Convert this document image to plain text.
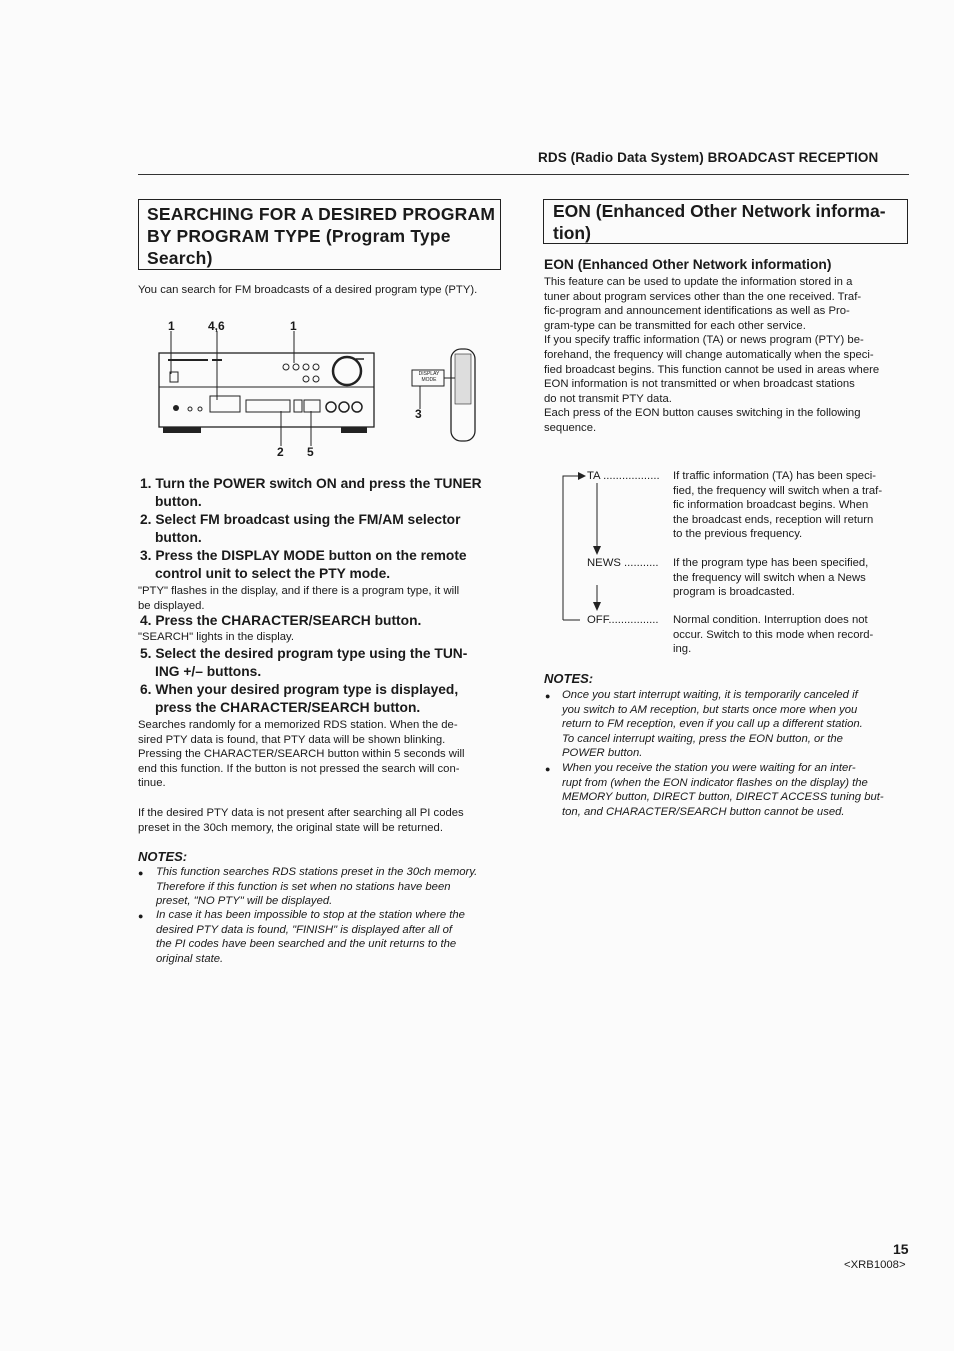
RDS (Radio Data System) BROADCAST RECEPTION
SEARCHING FOR A DESIRED PROGRAM
BY PROGRAM TYPE (Program Type
Search)
You can search for FM broadcasts of a desired program type (PTY).
1	4,6	1
2 5
3
DISPLAY MODE
1. Turn the POWER switch ON and press the TUNER
button.
2. Select FM broadcast using the FM/AM selector
button.
3. Press the DISPLAY MODE button on the remote
control unit to select the PTY mode.
"PTY" flashes in the display, and if there is a program type, it will
be displayed.
4. Press the CHARACTER/SEARCH button.
"SEARCH" lights in the display.
5. Select the desired program type using the TUN-
ING +/– buttons.
6. When your desired program type is displayed,
press the CHARACTER/SEARCH button.
Searches randomly for a memorized RDS station. When the de-
sired PTY data is found, that PTY data will be shown blinking.
Pressing the CHARACTER/SEARCH button within 5 seconds will
end this function. If the button is not pressed the search will con-
tinue.
If the desired PTY data is not present after searching all PI codes
preset in the 30ch memory, the original state will be returned.
NOTES:
● This function searches RDS stations preset in the 30ch memory.
Therefore if this function is set when no stations have been
preset, "NO PTY" will be displayed.
● In case it has been impossible to stop at the station where the
desired PTY data is found, "FINISH" is displayed after all of
the PI codes have been searched and the unit returns to the
original state.
EON (Enhanced Other Network informa-
tion)
EON (Enhanced Other Network information)
This feature can be used to update the information stored in a
tuner about program services other than the one received. Traf-
fic-program and announcement identifications as well as Pro-
gram-type can be transmitted for each other service.
If you specify traffic information (TA) or news program (PTY) be-
forehand, the frequency will change automatically when the speci-
fied broadcast begins. This function cannot be used in areas where
EON information is not transmitted or when broadcast stations
do not transmit PTY data.
Each press of the EON button causes switching in the following
sequence.
TA .................. If traffic information (TA) has been speci-
fied, the frequency will switch when a traf-
fic information broadcast begins. When
the broadcast ends, reception will return
to the previous frequency.
NEWS ........... If the program type has been specified,
the frequency will switch when a News
program is broadcasted.
OFF................ Normal condition. Interruption does not
occur. Switch to this mode when record-
ing.
NOTES:
● Once you start interrupt waiting, it is temporarily canceled if
you switch to AM reception, but starts once more when you
return to FM reception, even if you call up a different station.
To cancel interrupt waiting, press the EON button, or the
POWER button.
● When you receive the station you were waiting for an inter-
rupt from (when the EON indicator flashes on the display) the
MEMORY button, DIRECT button, DIRECT ACCESS tuning but-
ton, and CHARACTER/SEARCH button cannot be used.
15
<XRB1008>
